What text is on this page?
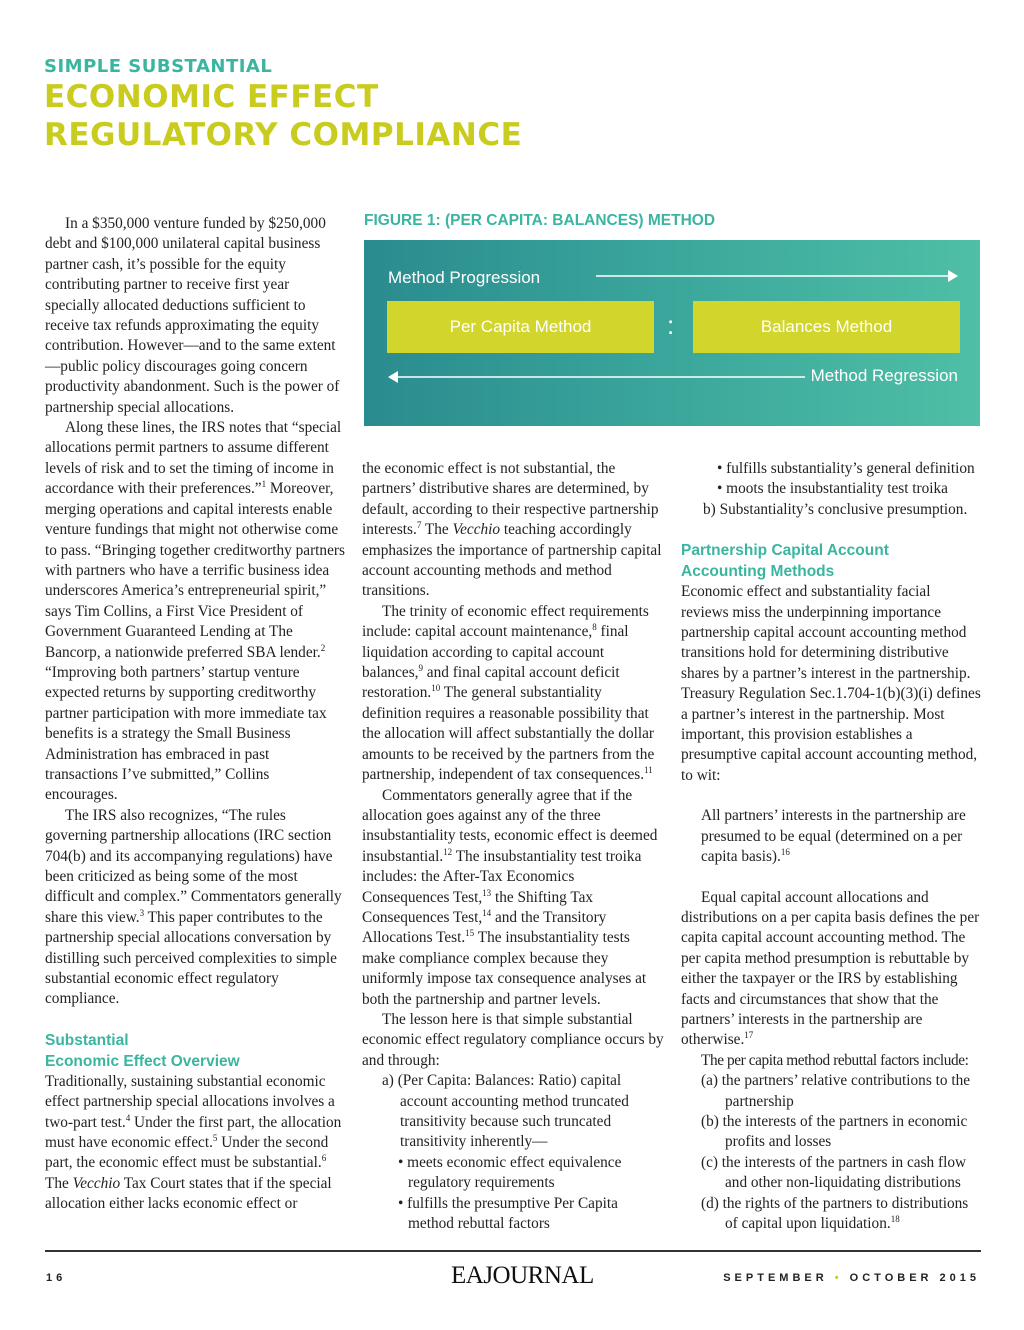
SIMPLE SUBSTANTIAL
ECONOMIC EFFECT
REGULATORY COMPLIANCE

In a $350,000 venture funded by $250,000 debt and $100,000 unilateral capital business partner cash, it’s possible for the equity contributing partner to receive first year specially allocated deductions sufficient to receive tax refunds approximating the equity contribution. However—and to the same extent—public policy discourages going concern productivity abandonment. Such is the power of partnership special allocations.

Along these lines, the IRS notes that “special allocations permit partners to assume different levels of risk and to set the timing of income in accordance with their preferences.”$^1$ Moreover, merging operations and capital interests enable venture fundings that might not otherwise come to pass. “Bringing together creditworthy partners with partners who have a terrific business idea underscores America’s entrepreneurial spirit,” says Tim Collins, a First Vice President of Government Guaranteed Lending at The Bancorp, a nationwide preferred SBA lender.$^2$ “Improving both partners’ startup venture expected returns by supporting creditworthy partner participation with more immediate tax benefits is a strategy the Small Business Administration has embraced in past transactions I’ve submitted,” Collins encourages.

The IRS also recognizes, “The rules governing partnership allocations (IRC section 704(b) and its accompanying regulations) have been criticized as being some of the most difficult and complex.” Commentators generally share this view.$^3$ This paper contributes to the partnership special allocations conversation by distilling such perceived complexities to simple substantial economic effect regulatory compliance.

Substantial
Economic Effect Overview

Traditionally, sustaining substantial economic effect partnership special allocations involves a two-part test.$^4$ Under the first part, the allocation must have economic effect.$^5$ Under the second part, the economic effect must be substantial.$^6$ The Vecchio Tax Court states that if the special allocation either lacks economic effect or

FIGURE 1: (PER CAPITA: BALANCES) METHOD
Method Progression
Per Capita Method	:	Balances Method
Method Regression

the economic effect is not substantial, the partners’ distributive shares are determined, by default, according to their respective partnership interests.$^7$ The Vecchio teaching accordingly emphasizes the importance of partnership capital account accounting methods and method transitions.

The trinity of economic effect requirements include: capital account maintenance,$^8$ final liquidation according to capital account balances,$^9$ and final capital account deficit restoration.$^{10}$ The general substantiality definition requires a reasonable possibility that the allocation will affect substantially the dollar amounts to be received by the partners from the partnership, independent of tax consequences.$^{11}$

Commentators generally agree that if the allocation goes against any of the three insubstantiality tests, economic effect is deemed insubstantial.$^{12}$ The insubstantiality test troika includes: the After-Tax Economics Consequences Test,$^{13}$ the Shifting Tax Consequences Test,$^{14}$ and the Transitory Allocations Test.$^{15}$ The insubstantiality tests make compliance complex because they uniformly impose tax consequence analyses at both the partnership and partner levels.

The lesson here is that simple substantial economic effect regulatory compliance occurs by and through:

a) (Per Capita: Balances: Ratio) capital account accounting method truncated transitivity because such truncated transitivity inherently—

• meets economic effect equivalence regulatory requirements

• fulfills the presumptive Per Capita method rebuttal factors

• fulfills substantiality’s general definition

• moots the insubstantiality test troika

b) Substantiality’s conclusive presumption.

Partnership Capital Account
Accounting Methods

Economic effect and substantiality facial reviews miss the underpinning importance partnership capital account accounting method transitions hold for determining distributive shares by a partner’s interest in the partnership. Treasury Regulation Sec.1.704-1(b)(3)(i) defines a partner’s interest in the partnership. Most important, this provision establishes a presumptive capital account accounting method, to wit:

All partners’ interests in the partnership are presumed to be equal (determined on a per capita basis).$^{16}$

Equal capital account allocations and distributions on a per capita basis defines the per capita capital account accounting method. The per capita method presumption is rebuttable by either the taxpayer or the IRS by establishing facts and circumstances that show that the partners’ interests in the partnership are otherwise.$^{17}$

The per capita method rebuttal factors include:

(a) the partners’ relative contributions to the partnership

(b) the interests of the partners in economic profits and losses

(c) the interests of the partners in cash flow and other non-liquidating distributions

(d) the rights of the partners to distributions of capital upon liquidation.$^{18}$

16	EAJOURNAL	SEPTEMBER • OCTOBER 2015
